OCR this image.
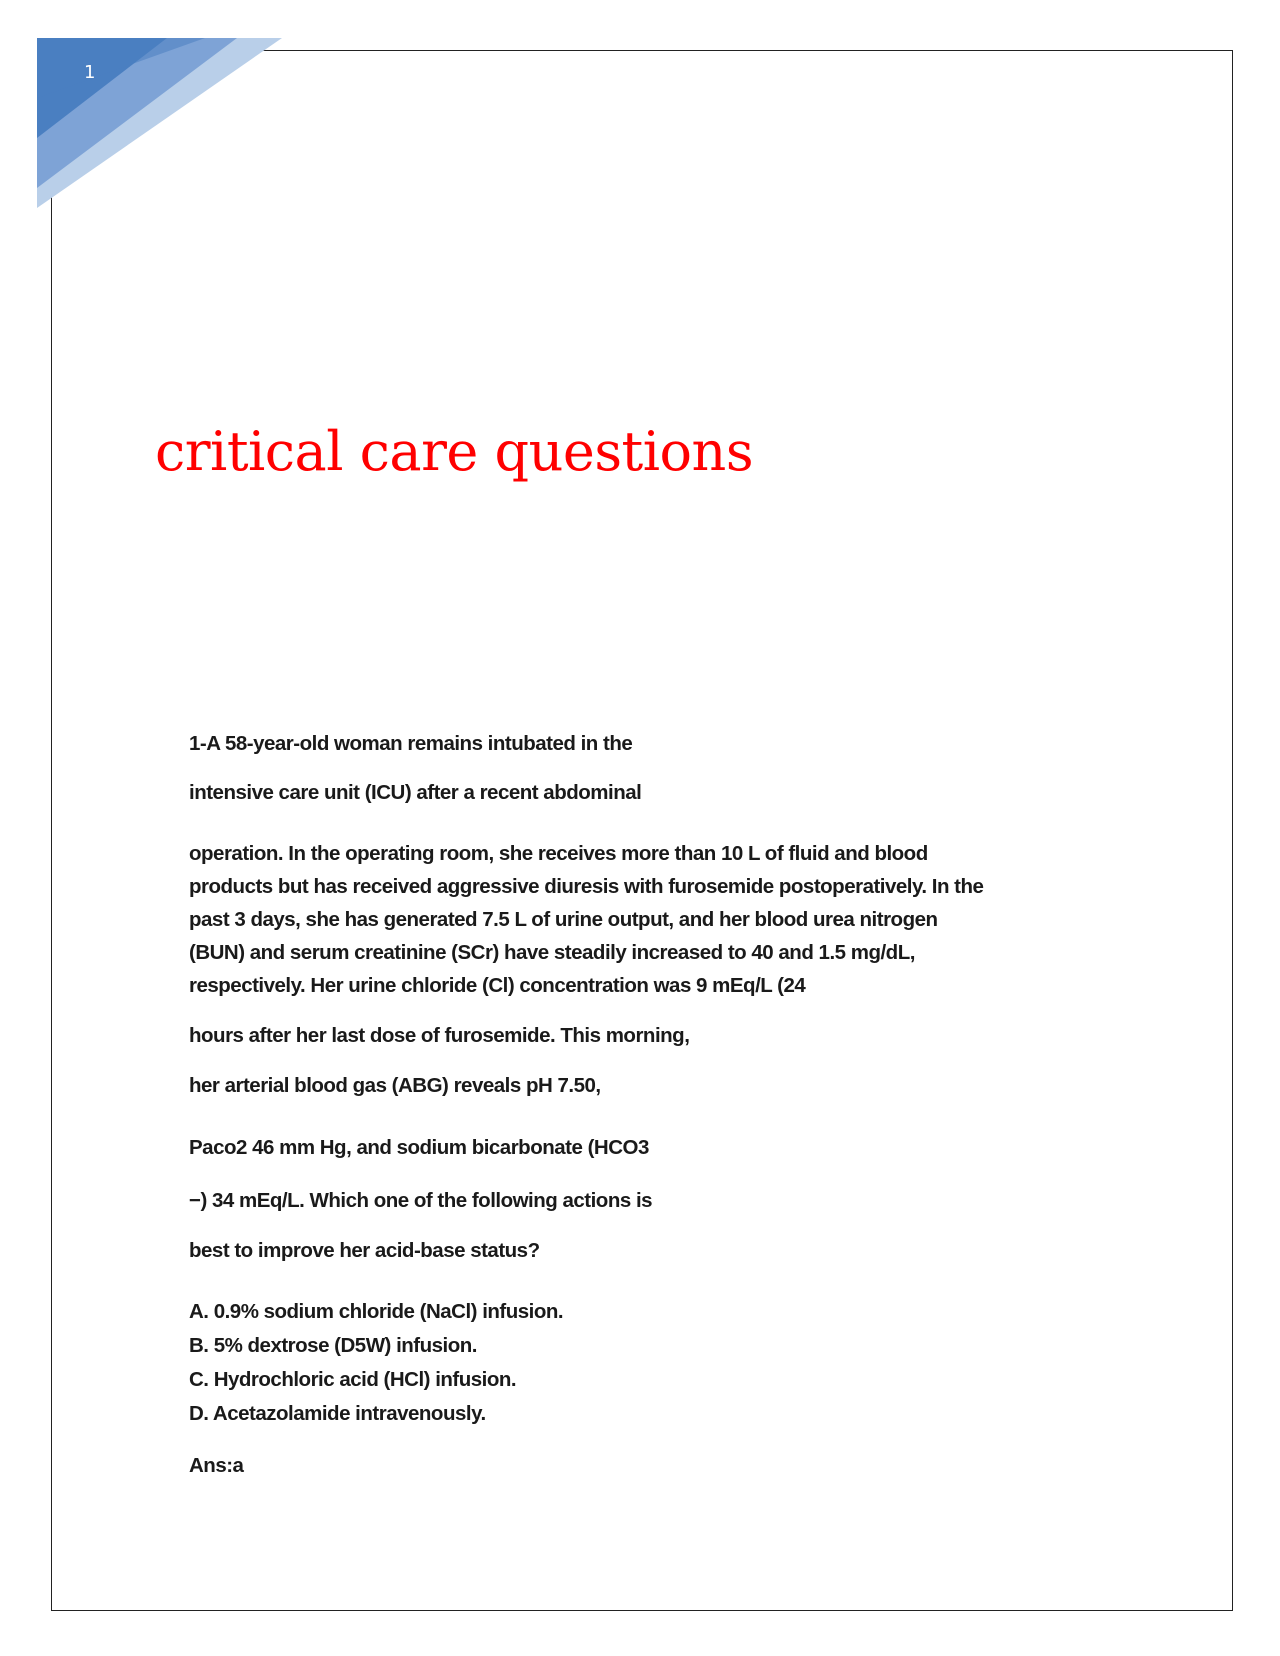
1
critical care questions

1-A 58-year-old woman remains intubated in the

intensive care unit (ICU) after a recent abdominal

operation. In the operating room, she receives more than 10 L of fluid and blood

products but has received aggressive diuresis with furosemide postoperatively. In the

past 3 days, she has generated 7.5 L of urine output, and her blood urea nitrogen

(BUN) and serum creatinine (SCr) have steadily increased to 40 and 1.5 mg/dL,

respectively. Her urine chloride (Cl) concentration was 9 mEq/L (24

hours after her last dose of furosemide. This morning,

her arterial blood gas (ABG) reveals pH 7.50,

Paco2 46 mm Hg, and sodium bicarbonate (HCO3

−) 34 mEq/L. Which one of the following actions is

best to improve her acid-base status?

A. 0.9% sodium chloride (NaCl) infusion.

B. 5% dextrose (D5W) infusion.

C. Hydrochloric acid (HCl) infusion.

D. Acetazolamide intravenously.

Ans:a
